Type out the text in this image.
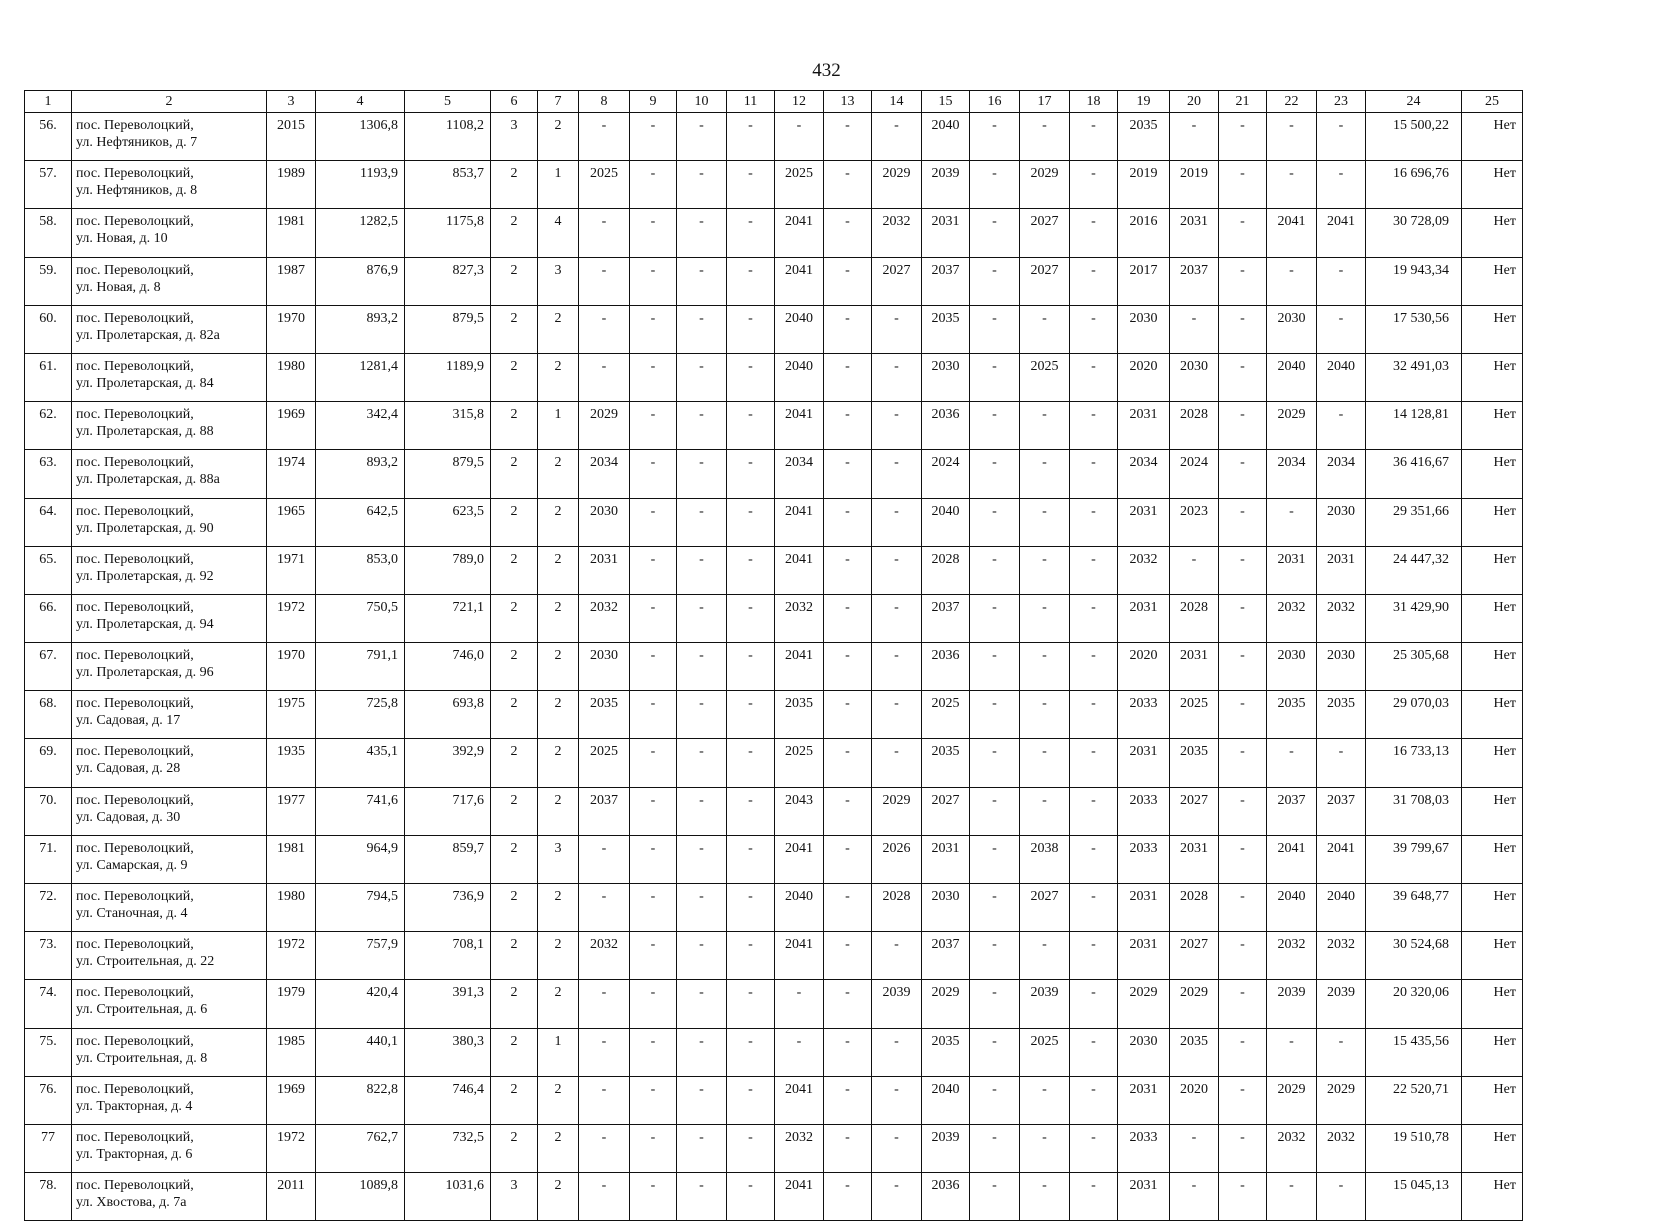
432
1	2	3	4	5	6	7	8	9	10	11	12	13	14	15	16	17	18	19	20	21	22	23	24	25
56.	пос. Переволоцкий,
ул. Нефтяников, д. 7	2015	1306,8	1108,2	3	2	-	-	-	-	-	-	-	2040	-	-	-	2035	-	-	-	-	15 500,22	Нет
57.	пос. Переволоцкий,
ул. Нефтяников, д. 8	1989	1193,9	853,7	2	1	2025	-	-	-	2025	-	2029	2039	-	2029	-	2019	2019	-	-	-	16 696,76	Нет
58.	пос. Переволоцкий,
ул. Новая, д. 10	1981	1282,5	1175,8	2	4	-	-	-	-	2041	-	2032	2031	-	2027	-	2016	2031	-	2041	2041	30 728,09	Нет
59.	пос. Переволоцкий,
ул. Новая, д. 8	1987	876,9	827,3	2	3	-	-	-	-	2041	-	2027	2037	-	2027	-	2017	2037	-	-	-	19 943,34	Нет
60.	пос. Переволоцкий,
ул. Пролетарская, д. 82а	1970	893,2	879,5	2	2	-	-	-	-	2040	-	-	2035	-	-	-	2030	-	-	2030	-	17 530,56	Нет
61.	пос. Переволоцкий,
ул. Пролетарская, д. 84	1980	1281,4	1189,9	2	2	-	-	-	-	2040	-	-	2030	-	2025	-	2020	2030	-	2040	2040	32 491,03	Нет
62.	пос. Переволоцкий,
ул. Пролетарская, д. 88	1969	342,4	315,8	2	1	2029	-	-	-	2041	-	-	2036	-	-	-	2031	2028	-	2029	-	14 128,81	Нет
63.	пос. Переволоцкий,
ул. Пролетарская, д. 88а	1974	893,2	879,5	2	2	2034	-	-	-	2034	-	-	2024	-	-	-	2034	2024	-	2034	2034	36 416,67	Нет
64.	пос. Переволоцкий,
ул. Пролетарская, д. 90	1965	642,5	623,5	2	2	2030	-	-	-	2041	-	-	2040	-	-	-	2031	2023	-	-	2030	29 351,66	Нет
65.	пос. Переволоцкий,
ул. Пролетарская, д. 92	1971	853,0	789,0	2	2	2031	-	-	-	2041	-	-	2028	-	-	-	2032	-	-	2031	2031	24 447,32	Нет
66.	пос. Переволоцкий,
ул. Пролетарская, д. 94	1972	750,5	721,1	2	2	2032	-	-	-	2032	-	-	2037	-	-	-	2031	2028	-	2032	2032	31 429,90	Нет
67.	пос. Переволоцкий,
ул. Пролетарская, д. 96	1970	791,1	746,0	2	2	2030	-	-	-	2041	-	-	2036	-	-	-	2020	2031	-	2030	2030	25 305,68	Нет
68.	пос. Переволоцкий,
ул. Садовая, д. 17	1975	725,8	693,8	2	2	2035	-	-	-	2035	-	-	2025	-	-	-	2033	2025	-	2035	2035	29 070,03	Нет
69.	пос. Переволоцкий,
ул. Садовая, д. 28	1935	435,1	392,9	2	2	2025	-	-	-	2025	-	-	2035	-	-	-	2031	2035	-	-	-	16 733,13	Нет
70.	пос. Переволоцкий,
ул. Садовая, д. 30	1977	741,6	717,6	2	2	2037	-	-	-	2043	-	2029	2027	-	-	-	2033	2027	-	2037	2037	31 708,03	Нет
71.	пос. Переволоцкий,
ул. Самарская, д. 9	1981	964,9	859,7	2	3	-	-	-	-	2041	-	2026	2031	-	2038	-	2033	2031	-	2041	2041	39 799,67	Нет
72.	пос. Переволоцкий,
ул. Станочная, д. 4	1980	794,5	736,9	2	2	-	-	-	-	2040	-	2028	2030	-	2027	-	2031	2028	-	2040	2040	39 648,77	Нет
73.	пос. Переволоцкий,
ул. Строительная, д. 22	1972	757,9	708,1	2	2	2032	-	-	-	2041	-	-	2037	-	-	-	2031	2027	-	2032	2032	30 524,68	Нет
74.	пос. Переволоцкий,
ул. Строительная, д. 6	1979	420,4	391,3	2	2	-	-	-	-	-	-	2039	2029	-	2039	-	2029	2029	-	2039	2039	20 320,06	Нет
75.	пос. Переволоцкий,
ул. Строительная, д. 8	1985	440,1	380,3	2	1	-	-	-	-	-	-	-	2035	-	2025	-	2030	2035	-	-	-	15 435,56	Нет
76.	пос. Переволоцкий,
ул. Тракторная, д. 4	1969	822,8	746,4	2	2	-	-	-	-	2041	-	-	2040	-	-	-	2031	2020	-	2029	2029	22 520,71	Нет
77	пос. Переволоцкий,
ул. Тракторная, д. 6	1972	762,7	732,5	2	2	-	-	-	-	2032	-	-	2039	-	-	-	2033	-	-	2032	2032	19 510,78	Нет
78.	пос. Переволоцкий,
ул. Хвостова, д. 7а	2011	1089,8	1031,6	3	2	-	-	-	-	2041	-	-	2036	-	-	-	2031	-	-	-	-	15 045,13	Нет
